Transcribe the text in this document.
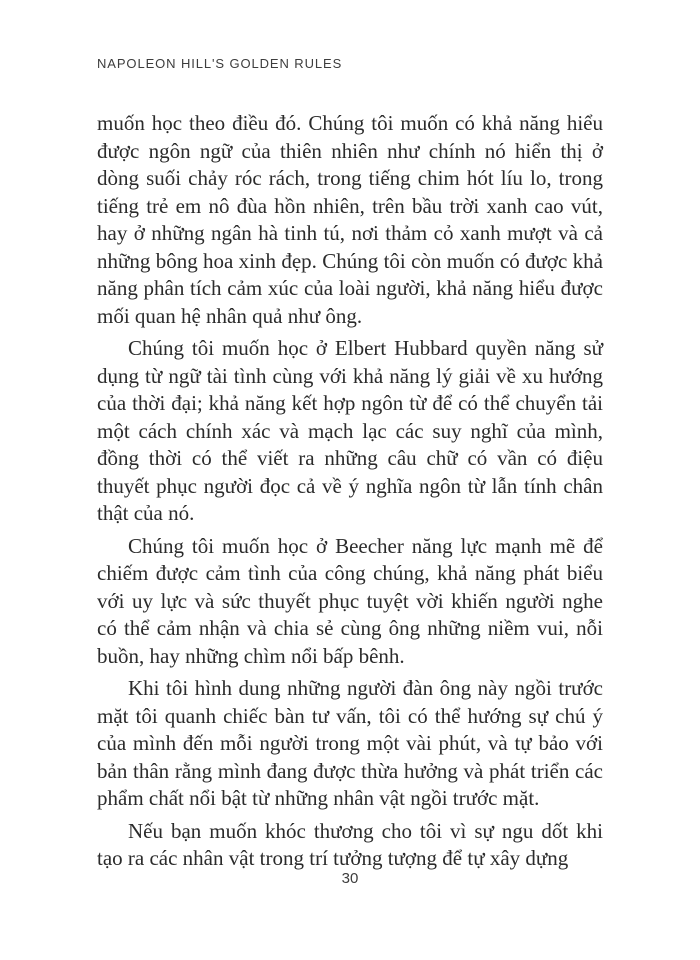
NAPOLEON HILL'S GOLDEN RULES

muốn học theo điều đó. Chúng tôi muốn có khả năng hiểu được ngôn ngữ của thiên nhiên như chính nó hiển thị ở dòng suối chảy róc rách, trong tiếng chim hót líu lo, trong tiếng trẻ em nô đùa hồn nhiên, trên bầu trời xanh cao vút, hay ở những ngân hà tinh tú, nơi thảm cỏ xanh mượt và cả những bông hoa xinh đẹp. Chúng tôi còn muốn có được khả năng phân tích cảm xúc của loài người, khả năng hiểu được mối quan hệ nhân quả như ông.

Chúng tôi muốn học ở Elbert Hubbard quyền năng sử dụng từ ngữ tài tình cùng với khả năng lý giải về xu hướng của thời đại; khả năng kết hợp ngôn từ để có thể chuyển tải một cách chính xác và mạch lạc các suy nghĩ của mình, đồng thời có thể viết ra những câu chữ có vần có điệu thuyết phục người đọc cả về ý nghĩa ngôn từ lẫn tính chân thật của nó.

Chúng tôi muốn học ở Beecher năng lực mạnh mẽ để chiếm được cảm tình của công chúng, khả năng phát biểu với uy lực và sức thuyết phục tuyệt vời khiến người nghe có thể cảm nhận và chia sẻ cùng ông những niềm vui, nỗi buồn, hay những chìm nổi bấp bênh.

Khi tôi hình dung những người đàn ông này ngồi trước mặt tôi quanh chiếc bàn tư vấn, tôi có thể hướng sự chú ý của mình đến mỗi người trong một vài phút, và tự bảo với bản thân rằng mình đang được thừa hưởng và phát triển các phẩm chất nổi bật từ những nhân vật ngồi trước mặt.

Nếu bạn muốn khóc thương cho tôi vì sự ngu dốt khi tạo ra các nhân vật trong trí tưởng tượng để tự xây dựng

30
